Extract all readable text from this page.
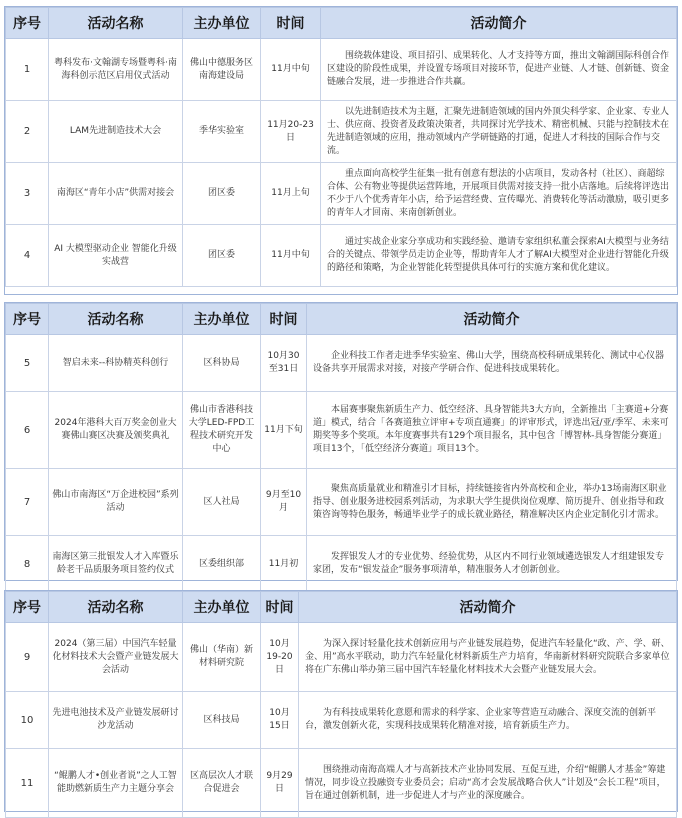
序号	活动名称	主办单位	时间	活动简介
1	粤科发布·文翰湖专场暨粤科·南海科创示范区启用仪式活动	佛山中德服务区南海建设局	11月中旬	围绕载体建设、项目招引、成果转化、人才支持等方面，推出文翰湖国际科创合作区建设的阶段性成果，并设置专场项目对接环节，促进产业链、人才链、创新链、资金链融合发展，进一步推进合作共赢。
2	LAM先进制造技术大会	季华实验室	11月20-23日	以先进制造技术为主题，汇聚先进制造领域的国内外顶尖科学家、企业家、专业人士、供应商、投资者及政策决策者，共同探讨光学技术、精密机械、只能与控制技术在先进制造领域的应用，推动领域内产学研链路的打通，促进人才科技的国际合作与交流。
3	南海区“青年小店”供需对接会	团区委	11月上旬	重点面向高校学生征集一批有创意有想法的小店项目，发动各村（社区）、商超综合体、公有物业等提供运营阵地，开展项目供需对接支持一批小店落地。后续将评选出不少于八个优秀青年小店，给予运营经费、宣传曝光、消费转化等活动激励，吸引更多的青年人才回南、来南创新创业。
4	AI 大模型驱动企业 智能化升级实战营	团区委	11月中旬	通过实战企业家分享成功和实践经验、邀请专家组织私董会探索AI大模型与业务结合的关键点、带领学员走访企业等，帮助青年人才了解AI大模型对企业进行智能化升级的路径和策略，为企业智能化转型提供具体可行的实施方案和优化建议。
序号	活动名称	主办单位	时间	活动简介
5	智启未来--科协精英科创行	区科协局	10月30至31日	企业科技工作者走进季华实验室、佛山大学，围绕高校科研成果转化、测试中心仪器设备共享开展需求对接，对接产学研合作、促进科技成果转化。
6	2024年港科大百万奖金创业大赛佛山赛区决赛及颁奖典礼	佛山市香港科技大学LED-FPD工程技术研究开发中心	11月下旬	本届赛事聚焦新质生产力、低空经济、具身智能共3大方向，全新推出「主赛道+分赛道」模式，结合「各赛道独立评审+专项直通赛」的评审形式，评选出冠/亚/季军、未来可期奖等多个奖项。本年度赛事共有129个项目报名，其中包含「博智林-具身智能分赛道」项目13个，「低空经济分赛道」项目13个。
7	佛山市南海区“万企进校园”系列活动	区人社局	9月至10月	聚焦高质量就业和精准引才目标，持续链接省内外高校和企业，举办13场南海区职业指导、创业服务进校园系列活动，为求职大学生提供岗位观摩、简历提升、创业指导和政策咨询等特色服务，畅通毕业学子的成长就业路径，精准解决区内企业定制化引才需求。
8	南海区第三批银发人才入库暨乐龄老干品质服务项目签约仪式	区委组织部	11月初	发挥银发人才的专业优势、经验优势，从区内不同行业领域遴选银发人才组建银发专家团，发布“银发益企”服务事项清单，精准服务人才创新创业。
序号	活动名称	主办单位	时间	活动简介
9	2024（第三届）中国汽车轻量化材料技术大会暨产业链发展大会活动	佛山（华南）新材料研究院	10月19-20日	为深入探讨轻量化技术创新应用与产业链发展趋势，促进汽车轻量化“政、产、学、研、金、用”高水平联动，助力汽车轻量化材料新质生产力培育，华南新材料研究院联合多家单位将在广东佛山举办第三届中国汽车轻量化材料技术大会暨产业链发展大会。
10	先进电池技术及产业链发展研讨沙龙活动	区科技局	10月15日	为有科技成果转化意愿和需求的科学家、企业家等营造互动融合、深度交流的创新平台，激发创新火花，实现科技成果转化精准对接，培育新质生产力。
11	“鲲鹏人才•创业者说”之人工智能助燃新质生产力主题分享会	区高层次人才联合促进会	9月29日	围绕推动南海高端人才与高新技术产业协同发展、互促互进，介绍“鲲鹏人才基金”筹建情况，同步设立投融资专业委员会；启动“高才会发展战略合伙人”计划及“会长工程”项目，旨在通过创新机制，进一步促进人才与产业的深度融合。
